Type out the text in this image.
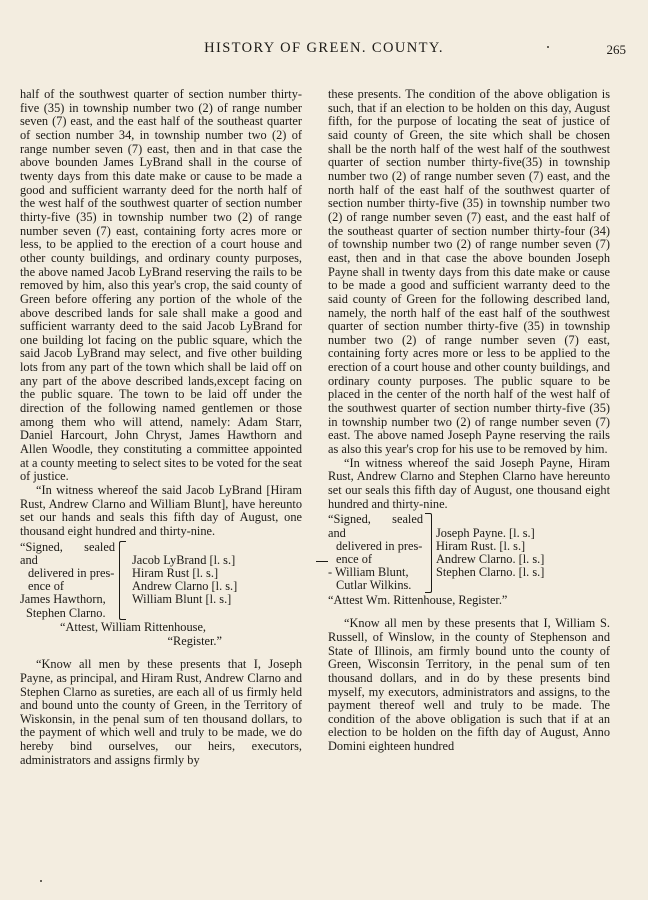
HISTORY OF GREEN. COUNTY.	265

half of the southwest quarter of section number thirty-five (35) in township number two (2) of range number seven (7) east, and the east half of the southeast quarter of section number 34, in township number two (2) of range number seven (7) east, then and in that case the above bounden James LyBrand shall in the course of twenty days from this date make or cause to be made a good and sufficient warranty deed for the north half of the west half of the southwest quarter of section number thirty-five (35) in township number two (2) of range number seven (7) east, containing forty acres more or less, to be applied to the erection of a court house and other county buildings, and ordinary county purposes, the above named Jacob LyBrand reserving the rails to be removed by him, also this year's crop, the said county of Green before offering any portion of the whole of the above described lands for sale shall make a good and sufficient warranty deed to the said Jacob LyBrand for one building lot facing on the public square, which the said Jacob LyBrand may select, and five other building lots from any part of the town which shall be laid off on any part of the above described lands,except facing on the public square. The town to be laid off under the direction of the following named gentlemen or those among them who will attend, namely: Adam Starr, Daniel Harcourt, John Chryst, James Hawthorn and Allen Woodle, they constituting a committee appointed at a county meeting to select sites to be voted for the seat of justice.

“In witness whereof the said Jacob LyBrand [Hiram Rust, Andrew Clarno and William Blunt], have hereunto set our hands and seals this fifth day of August, one thousand eight hundred and thirty-nine.

“Signed, sealed and
delivered in pres-
ence of
James Hawthorn,
Stephen Clarno.
Jacob LyBrand [l. s.]
Hiram Rust [l. s.]
Andrew Clarno [l. s.]
William Blunt [l. s.]

“Attest, William Rittenhouse,

“Register.”

“Know all men by these presents that I, Joseph Payne, as principal, and Hiram Rust, Andrew Clarno and Stephen Clarno as sureties, are each all of us firmly held and bound unto the county of Green, in the Territory of Wiskonsin, in the penal sum of ten thousand dollars, to the payment of which well and truly to be made, we do hereby bind ourselves, our heirs, executors, administrators and assigns firmly by

these presents. The condition of the above obligation is such, that if an election to be holden on this day, August fifth, for the purpose of locating the seat of justice of said county of Green, the site which shall be chosen shall be the north half of the west half of the southwest quarter of section number thirty-five(35) in township number two (2) of range number seven (7) east, and the north half of the east half of the southwest quarter of section number thirty-five (35) in township number two (2) of range number seven (7) east, and the east half of the southeast quarter of section number thirty-four (34) of township number two (2) of range number seven (7) east, then and in that case the above bounden Joseph Payne shall in twenty days from this date make or cause to be made a good and sufficient warranty deed to the said county of Green for the following described land, namely, the north half of the east half of the southwest quarter of section number thirty-five (35) in township number two (2) of range number seven (7) east, containing forty acres more or less to be applied to the erection of a court house and other county buildings, and ordinary county purposes. The public square to be placed in the center of the north half of the west half of the southwest quarter of section number thirty-five (35) in township number two (2) of range number seven (7) east. The above named Joseph Payne reserving the rails as also this year's crop for his use to be removed by him.

“In witness whereof the said Joseph Payne, Hiram Rust, Andrew Clarno and Stephen Clarno have hereunto set our seals this fifth day of August, one thousand eight hundred and thirty-nine.

“Signed, sealed and
delivered in pres-
ence of
- William Blunt,
Cutlar Wilkins.
Joseph Payne. [l. s.]
Hiram Rust. [l. s.]
Andrew Clarno. [l. s.]
Stephen Clarno. [l. s.]

“Attest Wm. Rittenhouse, Register.”

“Know all men by these presents that I, William S. Russell, of Winslow, in the county of Stephenson and State of Illinois, am firmly bound unto the county of Green, Wisconsin Territory, in the penal sum of ten thousand dollars, and in do by these presents bind myself, my executors, administrators and assigns, to the payment thereof well and truly to be made. The condition of the above obligation is such that if at an election to be holden on the fifth day of August, Anno Domini eighteen hundred
